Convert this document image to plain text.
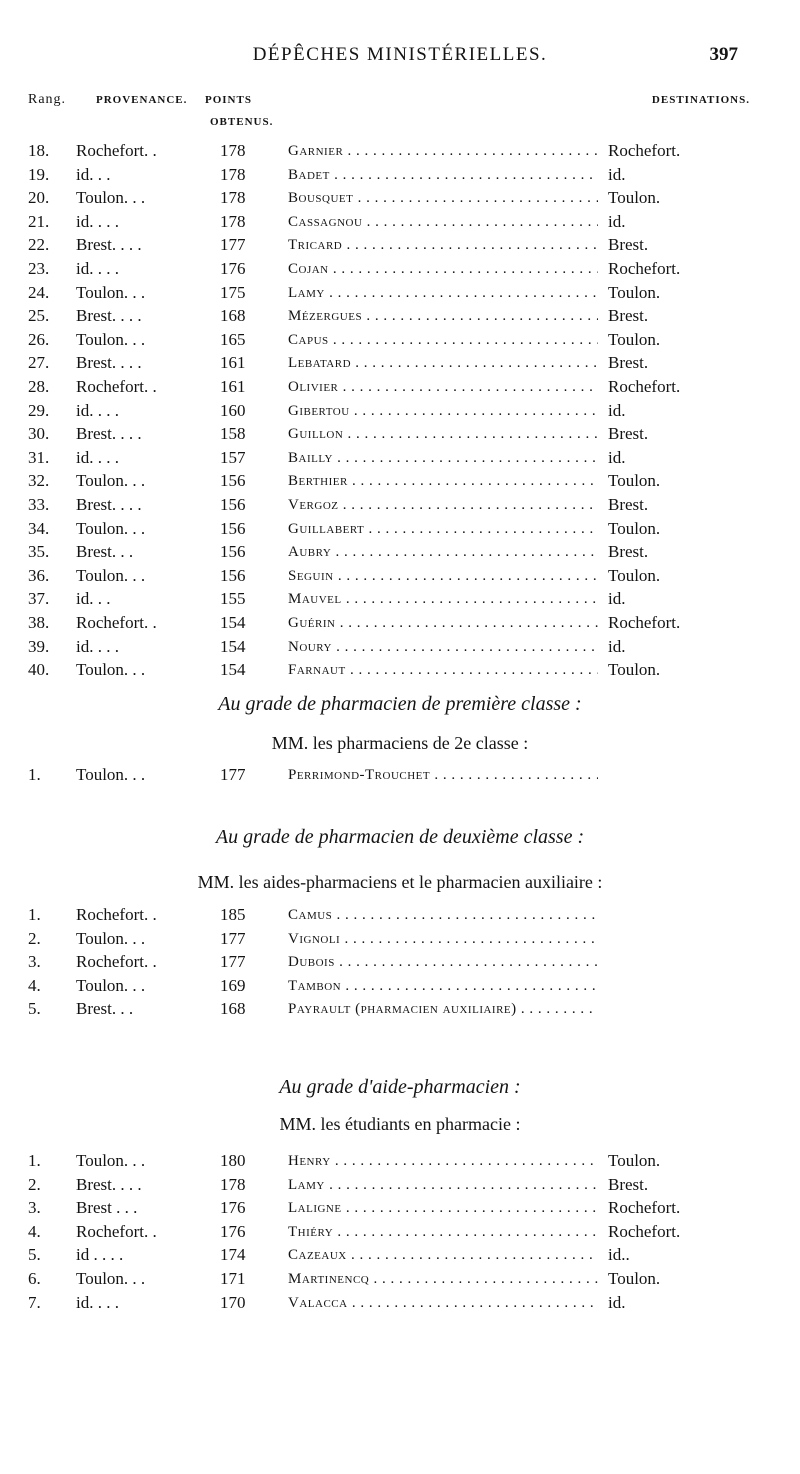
DÉPÊCHES MINISTÉRIELLES.	397
Rang.	PROVENANCE. POINTS
OBTENUS.
DESTINATIONS.
18.	Rochefort. .	178	Garnier . . .	Rochefort.
19.	id. . .	178	Badet . . .	id.
20.	Toulon. . .	178	Bousquet . . .	Toulon.
21.	id. . . .	178	Cassagnou . . .	id.
22.	Brest. . . .	177	Tricard . . .	Brest.
23.	id. . . .	176	Cojan . . .	Rochefort.
24.	Toulon. . .	175	Lamy . . .	Toulon.
25.	Brest. . . .	168	Mézergues . . .	Brest.
26.	Toulon. . .	165	Capus . . .	Toulon.
27.	Brest. . . .	161	Lebatard . . .	Brest.
28.	Rochefort. .	161	Olivier . . .	Rochefort.
29.	id. . . .	160	Gibertou . . .	id.
30.	Brest. . . .	158	Guillon . . .	Brest.
31.	id. . . .	157	Bailly . . .	id.
32.	Toulon. . .	156	Berthier . . .	Toulon.
33.	Brest. . . .	156	Vergoz . . .	Brest.
34.	Toulon. . .	156	Guillabert . . .	Toulon.
35.	Brest. . .	156	Aubry . . .	Brest.
36.	Toulon. . .	156	Seguin . . .	Toulon.
37.	id. . .	155	Mauvel . . .	id.
38.	Rochefort. .	154	Guérin . . .	Rochefort.
39.	id. . . .	154	Noury . . .	id.
40.	Toulon. . .	154	Farnaut . . .	Toulon.
Au grade de pharmacien de première classe :
MM. les pharmaciens de 2e classe :
1.	Toulon. . .	177	Perrimond-Trouchet . . .
Au grade de pharmacien de deuxième classe :
MM. les aides-pharmaciens et le pharmacien auxiliaire :
1.	Rochefort. .	185	Camus . . .
2.	Toulon. . .	177	Vignoli . . .
3.	Rochefort. .	177	Dubois . . .
4.	Toulon. . .	169	Tambon . . .
5.	Brest. . .	168	Payrault (pharmacien auxiliaire) . . . .
Au grade d'aide-pharmacien :
MM. les étudiants en pharmacie :
1.	Toulon. . .	180	Henry . . .	Toulon.
2.	Brest. . . .	178	Lamy . . .	Brest.
3.	Brest . . .	176	Laligne . . .	Rochefort.
4.	Rochefort. .	176	Thiéry . . .	Rochefort.
5.	id . . . .	174	Cazeaux . . .	id..
6.	Toulon. . .	171	Martinencq . . .	Toulon.
7.	id. . . .	170	Valacca . . .	id.
